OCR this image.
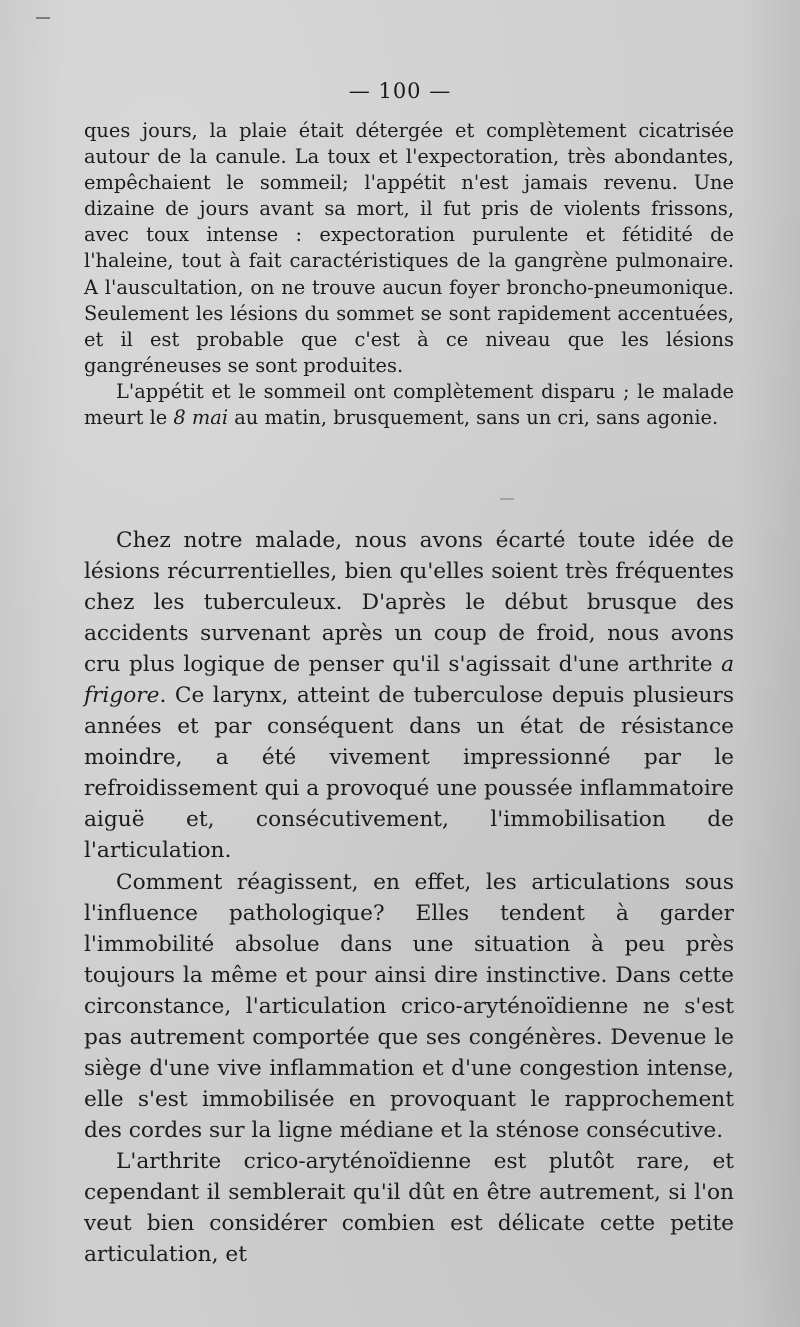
— 100 —

ques jours, la plaie était détergée et complètement cicatrisée autour de la canule. La toux et l'expectoration, très abondantes, empêchaient le sommeil; l'appétit n'est jamais revenu. Une dizaine de jours avant sa mort, il fut pris de violents frissons, avec toux intense : expectoration purulente et fétidité de l'haleine, tout à fait caractéristiques de la gangrène pulmonaire. A l'auscultation, on ne trouve aucun foyer broncho-pneumonique. Seulement les lésions du sommet se sont rapidement accentuées, et il est probable que c'est à ce niveau que les lésions gangréneuses se sont produites.

L'appétit et le sommeil ont complètement disparu ; le malade meurt le 8 mai au matin, brusquement, sans un cri, sans agonie.

Chez notre malade, nous avons écarté toute idée de lésions récurrentielles, bien qu'elles soient très fréquentes chez les tuberculeux. D'après le début brusque des accidents survenant après un coup de froid, nous avons cru plus logique de penser qu'il s'agissait d'une arthrite a frigore. Ce larynx, atteint de tuberculose depuis plusieurs années et par conséquent dans un état de résistance moindre, a été vivement impressionné par le refroidissement qui a provoqué une poussée inflammatoire aiguë et, consécutivement, l'immobilisation de l'articulation.

Comment réagissent, en effet, les articulations sous l'influence pathologique? Elles tendent à garder l'immobilité absolue dans une situation à peu près toujours la même et pour ainsi dire instinctive. Dans cette circonstance, l'articulation crico-aryténoïdienne ne s'est pas autrement comportée que ses congénères. Devenue le siège d'une vive inflammation et d'une congestion intense, elle s'est immobilisée en provoquant le rapprochement des cordes sur la ligne médiane et la sténose consécutive.

L'arthrite crico-aryténoïdienne est plutôt rare, et cependant il semblerait qu'il dût en être autrement, si l'on veut bien considérer combien est délicate cette petite articulation, et
